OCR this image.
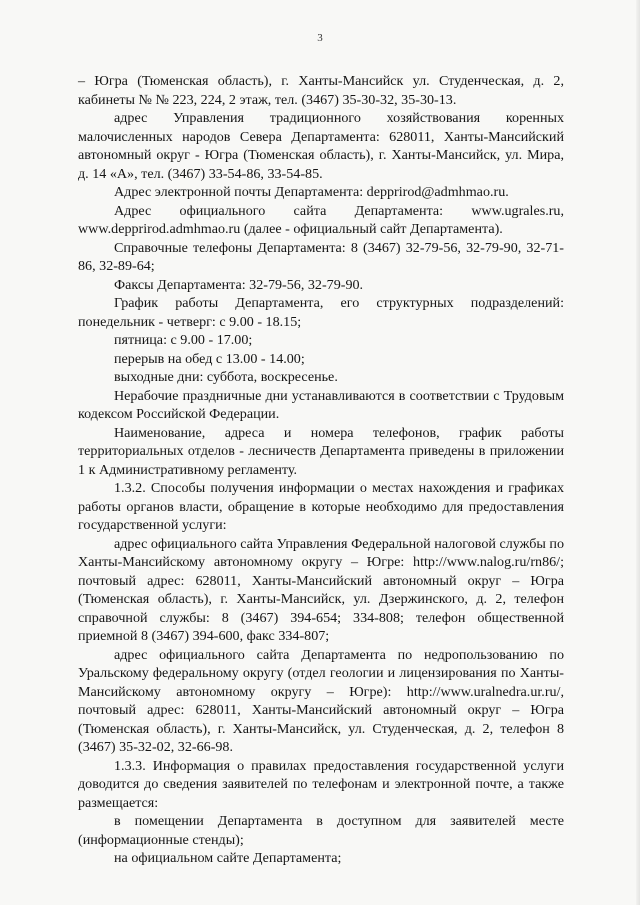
3

– Югра (Тюменская область), г. Ханты-Мансийск ул. Студенческая, д. 2, кабинеты № № 223, 224, 2 этаж, тел. (3467) 35-30-32, 35-30-13.

адрес Управления традиционного хозяйствования коренных малочисленных народов Севера Департамента: 628011, Ханты-Мансийский автономный округ - Югра (Тюменская область), г. Ханты-Мансийск, ул. Мира, д. 14 «А», тел. (3467) 33-54-86, 33-54-85.

Адрес электронной почты Департамента: depprirod@admhmao.ru.

Адрес официального сайта Департамента: www.ugrales.ru, www.depprirod.admhmao.ru (далее - официальный сайт Департамента).

Справочные телефоны Департамента: 8 (3467) 32-79-56, 32-79-90, 32-71-86, 32-89-64;

Факсы Департамента: 32-79-56, 32-79-90.

График работы Департамента, его структурных подразделений: понедельник - четверг: с 9.00 - 18.15;

пятница: с 9.00 - 17.00;

перерыв на обед с 13.00 - 14.00;

выходные дни: суббота, воскресенье.

Нерабочие праздничные дни устанавливаются в соответствии с Трудовым кодексом Российской Федерации.

Наименование, адреса и номера телефонов, график работы территориальных отделов - лесничеств Департамента приведены в приложении 1 к Административному регламенту.

1.3.2. Способы получения информации о местах нахождения и графиках работы органов власти, обращение в которые необходимо для предоставления государственной услуги:

адрес официального сайта Управления Федеральной налоговой службы по Ханты-Мансийскому автономному округу – Югре: http://www.nalog.ru/rn86/; почтовый адрес: 628011, Ханты-Мансийский автономный округ – Югра (Тюменская область), г. Ханты-Мансийск, ул. Дзержинского, д. 2, телефон справочной службы: 8 (3467) 394-654; 334-808; телефон общественной приемной 8 (3467) 394-600, факс 334-807;

адрес официального сайта Департамента по недропользованию по Уральскому федеральному округу (отдел геологии и лицензирования по Ханты-Мансийскому автономному округу – Югре): http://www.uralnedra.ur.ru/, почтовый адрес: 628011, Ханты-Мансийский автономный округ – Югра (Тюменская область), г. Ханты-Мансийск, ул. Студенческая, д. 2, телефон 8 (3467) 35-32-02, 32-66-98.

1.3.3. Информация о правилах предоставления государственной услуги доводится до сведения заявителей по телефонам и электронной почте, а также размещается:

в помещении Департамента в доступном для заявителей месте (информационные стенды);

на официальном сайте Департамента;
